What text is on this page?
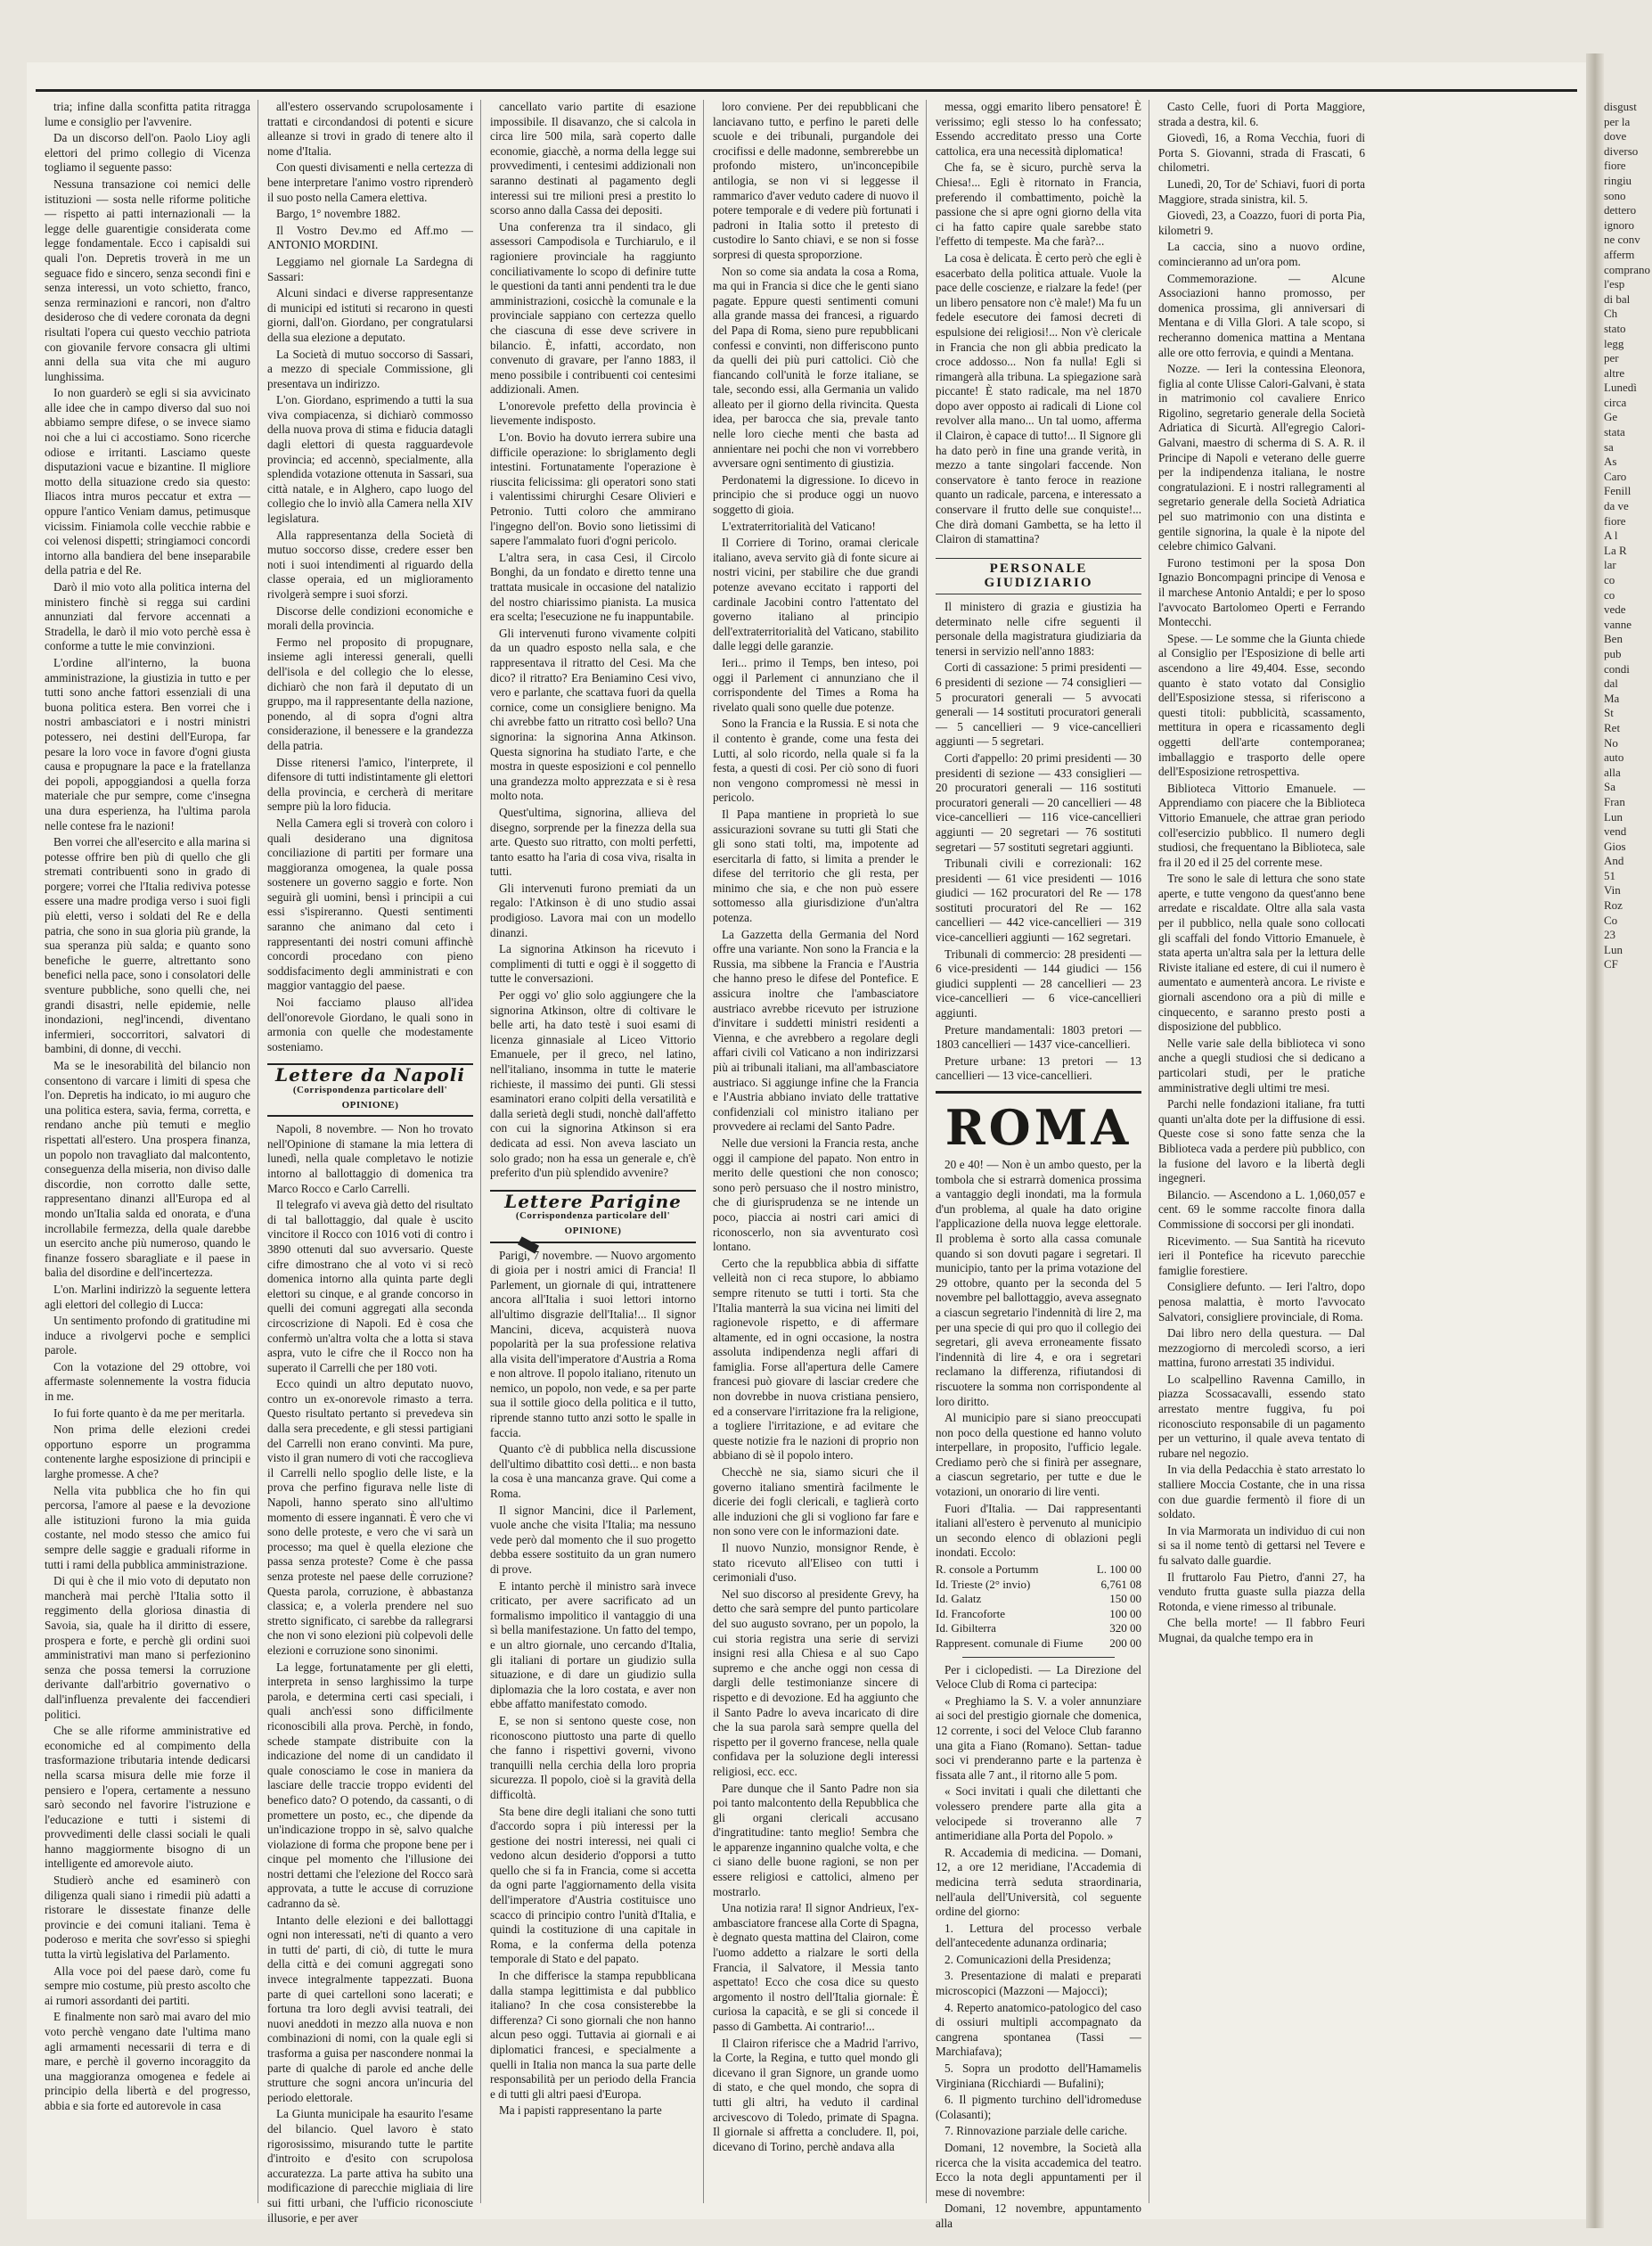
tria; infine dalla sconfitta patita ritragga lume e consiglio per l'avvenire.

Da un discorso dell'on. Paolo Lioy agli elettori del primo collegio di Vicenza togliamo il seguente passo:

Nessuna transazione coi nemici delle istituzioni — sosta nelle riforme politiche — rispetto ai patti internazionali — la legge delle guarentigie considerata come legge fondamentale. Ecco i capisaldi sui quali l'on. Depretis troverà in me un seguace fido e sincero, senza secondi fini e senza interessi, un voto schietto, franco, senza rerminazioni e rancori, non d'altro desideroso che di vedere coronata da degni risultati l'opera cui questo vecchio patriota con giovanile fervore consacra gli ultimi anni della sua vita che mi auguro lunghissima.

Io non guarderò se egli si sia avvicinato alle idee che in campo diverso dal suo noi abbiamo sempre difese, o se invece siamo noi che a lui ci accostiamo. Sono ricerche odiose e irritanti. Lasciamo queste disputazioni vacue e bizantine. Il migliore motto della situazione credo sia questo: Iliacos intra muros peccatur et extra — oppure l'antico Veniam damus, petimusque vicissim. Finiamola colle vecchie rabbie e coi velenosi dispetti; stringiamoci concordi intorno alla bandiera del bene inseparabile della patria e del Re.

Darò il mio voto alla politica interna del ministero finchè si regga sui cardini annunziati dal fervore accennati a Stradella, le darò il mio voto perchè essa è conforme a tutte le mie convinzioni.

L'ordine all'interno, la buona amministrazione, la giustizia in tutto e per tutti sono anche fattori essenziali di una buona politica estera. Ben vorrei che i nostri ambasciatori e i nostri ministri potessero, nei destini dell'Europa, far pesare la loro voce in favore d'ogni giusta causa e propugnare la pace e la fratellanza dei popoli, appoggiandosi a quella forza materiale che pur sempre, come c'insegna una dura esperienza, ha l'ultima parola nelle contese fra le nazioni!

Ben vorrei che all'esercito e alla marina si potesse offrire ben più di quello che gli stremati contribuenti sono in grado di porgere; vorrei che l'Italia rediviva potesse essere una madre prodiga verso i suoi figli più eletti, verso i soldati del Re e della patria, che sono in sua gloria più grande, la sua speranza più salda; e quanto sono benefiche le guerre, altrettanto sono benefici nella pace, sono i consolatori delle sventure pubbliche, sono quelli che, nei grandi disastri, nelle epidemie, nelle inondazioni, negl'incendi, diventano infermieri, soccorritori, salvatori di bambini, di donne, di vecchi.

Ma se le inesorabilità del bilancio non consentono di varcare i limiti di spesa che l'on. Depretis ha indicato, io mi auguro che una politica estera, savia, ferma, corretta, e rendano anche più temuti e meglio rispettati all'estero. Una prospera finanza, un popolo non travagliato dal malcontento, conseguenza della miseria, non diviso dalle discordie, non corrotto dalle sette, rappresentano dinanzi all'Europa ed al mondo un'Italia salda ed onorata, e d'una incrollabile fermezza, della quale darebbe un esercito anche più numeroso, quando le finanze fossero sbaragliate e il paese in balìa del disordine e dell'incertezza.

L'on. Marlini indirizzò la seguente lettera agli elettori del collegio di Lucca:

Un sentimento profondo di gratitudine mi induce a rivolgervi poche e semplici parole.

Con la votazione del 29 ottobre, voi affermaste solennemente la vostra fiducia in me.

Io fui forte quanto è da me per meritarla.

Non prima delle elezioni credei opportuno esporre un programma contenente larghe esposizione di principii e larghe promesse. A che?

Nella vita pubblica che ho fin qui percorsa, l'amore al paese e la devozione alle istituzioni furono la mia guida costante, nel modo stesso che amico fui sempre delle saggie e graduali riforme in tutti i rami della pubblica amministrazione.

Di qui è che il mio voto di deputato non mancherà mai perchè l'Italia sotto il reggimento della gloriosa dinastia di Savoia, sia, quale ha il diritto di essere, prospera e forte, e perchè gli ordini suoi amministrativi man mano si perfezionino senza che possa temersi la corruzione derivante dall'arbitrio governativo o dall'influenza prevalente dei faccendieri politici.

Che se alle riforme amministrative ed economiche ed al compimento della trasformazione tributaria intende dedicarsi nella scarsa misura delle mie forze il pensiero e l'opera, certamente a nessuno sarò secondo nel favorire l'istruzione e l'educazione e tutti i sistemi di provvedimenti delle classi sociali le quali hanno maggiormente bisogno di un intelligente ed amorevole aiuto.

Studierò anche ed esaminerò con diligenza quali siano i rimedii più adatti a ristorare le dissestate finanze delle provincie e dei comuni italiani. Tema è poderoso e merita che sovr'esso si spieghi tutta la virtù legislativa del Parlamento.

Alla voce poi del paese darò, come fu sempre mio costume, più presto ascolto che ai rumori assordanti dei partiti.

E finalmente non sarò mai avaro del mio voto perchè vengano date l'ultima mano agli armamenti necessarii di terra e di mare, e perchè il governo incoraggito da una maggioranza omogenea e fedele ai principio della libertà e del progresso, abbia e sia forte ed autorevole in casa

all'estero osservando scrupolosamente i trattati e circondandosi di potenti e sicure alleanze si trovi in grado di tenere alto il nome d'Italia.

Con questi divisamenti e nella certezza di bene interpretare l'animo vostro riprenderò il suo posto nella Camera elettiva.

Bargo, 1° novembre 1882.

Il Vostro Dev.mo ed Aff.mo — ANTONIO MORDINI.

Leggiamo nel giornale La Sardegna di Sassari:

Alcuni sindaci e diverse rappresentanze di municipi ed istituti si recarono in questi giorni, dall'on. Giordano, per congratularsi della sua elezione a deputato.

La Società di mutuo soccorso di Sassari, a mezzo di speciale Commissione, gli presentava un indirizzo.

L'on. Giordano, esprimendo a tutti la sua viva compiacenza, si dichiarò commosso della nuova prova di stima e fiducia datagli dagli elettori di questa ragguardevole provincia; ed accennò, specialmente, alla splendida votazione ottenuta in Sassari, sua città natale, e in Alghero, capo luogo del collegio che lo inviò alla Camera nella XIV legislatura.

Alla rappresentanza della Società di mutuo soccorso disse, credere esser ben noti i suoi intendimenti al riguardo della classe operaia, ed un miglioramento rivolgerà sempre i suoi sforzi.

Discorse delle condizioni economiche e morali della provincia.

Fermo nel proposito di propugnare, insieme agli interessi generali, quelli dell'isola e del collegio che lo elesse, dichiarò che non farà il deputato di un gruppo, ma il rappresentante della nazione, ponendo, al di sopra d'ogni altra considerazione, il benessere e la grandezza della patria.

Disse ritenersi l'amico, l'interprete, il difensore di tutti indistintamente gli elettori della provincia, e cercherà di meritare sempre più la loro fiducia.

Nella Camera egli si troverà con coloro i quali desiderano una dignitosa conciliazione di partiti per formare una maggioranza omogenea, la quale possa sostenere un governo saggio e forte. Non seguirà gli uomini, bensì i principii a cui essi s'ispireranno. Questi sentimenti saranno che animano dal ceto i rappresentanti dei nostri comuni affinchè concordi procedano con pieno soddisfacimento degli amministrati e con maggior vantaggio del paese.

Noi facciamo plauso all'idea dell'onorevole Giordano, le quali sono in armonia con quelle che modestamente sosteniamo.

Lettere da Napoli
(Corrispondenza particolare dell' OPINIONE)

Napoli, 8 novembre. — Non ho trovato nell'Opinione di stamane la mia lettera di lunedì, nella quale completavo le notizie intorno al ballottaggio di domenica tra Marco Rocco e Carlo Carrelli.

Il telegrafo vi aveva già detto del risultato di tal ballottaggio, dal quale è uscito vincitore il Rocco con 1016 voti di contro i 3890 ottenuti dal suo avversario. Queste cifre dimostrano che al voto vi si recò domenica intorno alla quinta parte degli elettori su cinque, e al grande concorso in quelli dei comuni aggregati alla seconda circoscrizione di Napoli. Ed è cosa che confermò un'altra volta che a lotta si stava aspra, vuto le cifre che il Rocco non ha superato il Carrelli che per 180 voti.

Ecco quindi un altro deputato nuovo, contro un ex-onorevole rimasto a terra. Questo risultato pertanto si prevedeva sin dalla sera precedente, e gli stessi partigiani del Carrelli non erano convinti. Ma pure, visto il gran numero di voti che raccoglieva il Carrelli nello spoglio delle liste, e la prova che perfino figurava nelle liste di Napoli, hanno sperato sino all'ultimo momento di essere ingannati. È vero che vi sono delle proteste, e vero che vi sarà un processo; ma quel è quella elezione che passa senza proteste? Come è che passa senza proteste nel paese delle corruzione? Questa parola, corruzione, è abbastanza classica; e, a volerla prendere nel suo stretto significato, ci sarebbe da rallegrarsi che non vi sono elezioni più colpevoli delle elezioni e corruzione sono sinonimi.

La legge, fortunatamente per gli eletti, interpreta in senso larghissimo la turpe parola, e determina certi casi speciali, i quali anch'essi sono difficilmente riconoscibili alla prova. Perchè, in fondo, schede stampate distribuite con la indicazione del nome di un candidato il quale conosciamo le cose in maniera da lasciare delle traccie troppo evidenti del benefico dato? O potendo, da cassanti, o di promettere un posto, ec., che dipende da un'indicazione troppo in sè, salvo qualche violazione di forma che propone bene per i cinque pel momento che l'illusione dei nostri dettami che l'elezione del Rocco sarà approvata, a tutte le accuse di corruzione cadranno da sè.

Intanto delle elezioni e dei ballottaggi ogni non interessati, ne'ti di quanto a vero in tutti de' parti, di ciò, di tutte le mura della città e dei comuni aggregati sono invece integralmente tappezzati. Buona parte di quei cartelloni sono lacerati; e fortuna tra loro degli avvisi teatrali, dei nuovi aneddoti in mezzo alla nuova e non combinazioni di nomi, con la quale egli si trasforma a guisa per nascondere nonmai la parte di qualche di parole ed anche delle strutture che sogni ancora un'incuria del periodo elettorale.

La Giunta municipale ha esaurito l'esame del bilancio. Quel lavoro è stato rigorosissimo, misurando tutte le partite d'introito e d'esito con scrupolosa accuratezza. La parte attiva ha subito una modificazione di parecchie migliaia di lire sui fitti urbani, che l'ufficio riconosciute illusorie, e per aver

cancellato vario partite di esazione impossibile. Il disavanzo, che si calcola in circa lire 500 mila, sarà coperto dalle economie, giacchè, a norma della legge sui provvedimenti, i centesimi addizionali non saranno destinati al pagamento degli interessi sui tre milioni presi a prestito lo scorso anno dalla Cassa dei depositi.

Una conferenza tra il sindaco, gli assessori Campodisola e Turchiarulo, e il ragioniere provinciale ha raggiunto conciliativamente lo scopo di definire tutte le questioni da tanti anni pendenti tra le due amministrazioni, cosicchè la comunale e la provinciale sappiano con certezza quello che ciascuna di esse deve scrivere in bilancio. È, infatti, accordato, non convenuto di gravare, per l'anno 1883, il meno possibile i contribuenti coi centesimi addizionali. Amen.

L'onorevole prefetto della provincia è lievemente indisposto.

L'on. Bovio ha dovuto ierrera subire una difficile operazione: lo sbriglamento degli intestini. Fortunatamente l'operazione è riuscita felicissima: gli operatori sono stati i valentissimi chirurghi Cesare Olivieri e Petronio. Tutti coloro che ammirano l'ingegno dell'on. Bovio sono lietissimi di sapere l'ammalato fuori d'ogni pericolo.

L'altra sera, in casa Cesi, il Circolo Bonghi, da un fondato e diretto tenne una trattata musicale in occasione del natalizio del nostro chiarissimo pianista. La musica era scelta; l'esecuzione ne fu inappuntabile.

Gli intervenuti furono vivamente colpiti da un quadro esposto nella sala, e che rappresentava il ritratto del Cesi. Ma che dico? il ritratto? Era Beniamino Cesi vivo, vero e parlante, che scattava fuori da quella cornice, come un consigliere benigno. Ma chi avrebbe fatto un ritratto così bello? Una signorina: la signorina Anna Atkinson. Questa signorina ha studiato l'arte, e che mostra in queste esposizioni e col pennello una grandezza molto apprezzata e si è resa molto nota.

Quest'ultima, signorina, allieva del disegno, sorprende per la finezza della sua arte. Questo suo ritratto, con molti perfetti, tanto esatto ha l'aria di cosa viva, risalta in tutti.

Gli intervenuti furono premiati da un regalo: l'Atkinson è di uno studio assai prodigioso. Lavora mai con un modello dinanzi.

La signorina Atkinson ha ricevuto i complimenti di tutti e oggi è il soggetto di tutte le conversazioni.

Per oggi vo' glio solo aggiungere che la signorina Atkinson, oltre di coltivare le belle arti, ha dato testè i suoi esami di licenza ginnasiale al Liceo Vittorio Emanuele, per il greco, nel latino, nell'italiano, insomma in tutte le materie richieste, il massimo dei punti. Gli stessi esaminatori erano colpiti della versatilità e dalla serietà degli studi, nonchè dall'affetto con cui la signorina Atkinson si era dedicata ad essi. Non aveva lasciato un solo grado; non ha essa un generale e, ch'è preferito d'un più splendido avvenire?

Lettere Parigine
(Corrispondenza particolare dell' OPINIONE)

Parigi, 7 novembre. — Nuovo argomento di gioia per i nostri amici di Francia! Il Parlement, un giornale di qui, intrattenere ancora all'Italia i suoi lettori intorno all'ultimo disgrazie dell'Italia!... Il signor Mancini, diceva, acquisterà nuova popolarità per la sua professione relativa alla visita dell'imperatore d'Austria a Roma e non altrove. Il popolo italiano, ritenuto un nemico, un popolo, non vede, e sa per parte sua il sottile gioco della politica e il tutto, riprende stanno tutto anzi sotto le spalle in faccia.

Quanto c'è di pubblica nella discussione dell'ultimo dibattito così detti... e non basta la cosa è una mancanza grave. Qui come a Roma.

Il signor Mancini, dice il Parlement, vuole anche che visita l'Italia; ma nessuno vede però dal momento che il suo progetto debba essere sostituito da un gran numero di prove.

E intanto perchè il ministro sarà invece criticato, per avere sacrificato ad un formalismo impolitico il vantaggio di una sì bella manifestazione. Un fatto del tempo, e un altro giornale, uno cercando d'Italia, gli italiani di portare un giudizio sulla situazione, e di dare un giudizio sulla diplomazia che la loro costata, e aver non ebbe affatto manifestato comodo.

E, se non si sentono queste cose, non riconoscono piuttosto una parte di quello che fanno i rispettivi governi, vivono tranquilli nella cerchia della loro propria sicurezza. Il popolo, cioè si la gravità della difficoltà.

Sta bene dire degli italiani che sono tutti d'accordo sopra i più interessi per la gestione dei nostri interessi, nei quali ci vedono alcun desiderio d'opporsi a tutto quello che si fa in Francia, come si accetta da ogni parte l'aggiornamento della visita dell'imperatore d'Austria costituisce uno scacco di principio contro l'unità d'Italia, e quindi la costituzione di una capitale in Roma, e la conferma della potenza temporale di Stato e del papato.

In che differisce la stampa repubblicana dalla stampa legittimista e dal pubblico italiano? In che cosa consisterebbe la differenza? Ci sono giornali che non hanno alcun peso oggi. Tuttavia ai giornali e ai diplomatici francesi, e specialmente a quelli in Italia non manca la sua parte delle responsabilità per un periodo della Francia e di tutti gli altri paesi d'Europa.

Ma i papisti rappresentano la parte

loro conviene. Per dei repubblicani che lanciavano tutto, e perfino le pareti delle scuole e dei tribunali, purgandole dei crocifissi e delle madonne, sembrerebbe un profondo mistero, un'inconcepibile antilogia, se non vi si leggesse il rammarico d'aver veduto cadere di nuovo il potere temporale e di vedere più fortunati i padroni in Italia sotto il pretesto di custodire lo Santo chiavi, e se non si fosse sorpresi di questa sproporzione.

Non so come sia andata la cosa a Roma, ma qui in Francia si dice che le genti siano pagate. Eppure questi sentimenti comuni alla grande massa dei francesi, a riguardo del Papa di Roma, sieno pure repubblicani confessi e convinti, non differiscono punto da quelli dei più puri cattolici. Ciò che fiancando coll'unità le forze italiane, se tale, secondo essi, alla Germania un valido alleato per il giorno della rivincita. Questa idea, per barocca che sia, prevale tanto nelle loro cieche menti che basta ad annientare nei pochi che non vi vorrebbero avversare ogni sentimento di giustizia.

Perdonatemi la digressione. Io dicevo in principio che si produce oggi un nuovo soggetto di gioia.

L'extraterritorialità del Vaticano!

Il Corriere di Torino, oramai clericale italiano, aveva servito già di fonte sicure ai nostri vicini, per stabilire che due grandi potenze avevano eccitato i rapporti del cardinale Jacobini contro l'attentato del governo italiano al principio dell'extraterritorialità del Vaticano, stabilito dalle leggi delle garanzie.

Ieri... primo il Temps, ben inteso, poi oggi il Parlement ci annunziano che il corrispondente del Times a Roma ha rivelato quali sono quelle due potenze.

Sono la Francia e la Russia. E si nota che il contento è grande, come una festa dei Lutti, al solo ricordo, nella quale si fa la festa, a questi di cosi. Per ciò sono di fuori non vengono compromessi nè messi in pericolo.

Il Papa mantiene in proprietà lo sue assicurazioni sovrane su tutti gli Stati che gli sono stati tolti, ma, impotente ad esercitarla di fatto, si limita a prender le difese del territorio che gli resta, per minimo che sia, e che non può essere sottomesso alla giurisdizione d'un'altra potenza.

La Gazzetta della Germania del Nord offre una variante. Non sono la Francia e la Russia, ma sibbene la Francia e l'Austria che hanno preso le difese del Pontefice. E assicura inoltre che l'ambasciatore austriaco avrebbe ricevuto per istruzione d'invitare i suddetti ministri residenti a Vienna, e che avrebbero a regolare degli affari civili col Vaticano a non indirizzarsi più ai tribunali italiani, ma all'ambasciatore austriaco. Si aggiunge infine che la Francia e l'Austria abbiano inviato delle trattative confidenziali col ministro italiano per provvedere ai reclami del Santo Padre.

Nelle due versioni la Francia resta, anche oggi il campione del papato. Non entro in merito delle questioni che non conosco; sono però persuaso che il nostro ministro, che di giurisprudenza se ne intende un poco, piaccia ai nostri cari amici di riconoscerlo, non sia avventurato così lontano.

Certo che la repubblica abbia di siffatte velleità non ci reca stupore, lo abbiamo sempre ritenuto se tutti i torti. Sta che l'Italia manterrà la sua vicina nei limiti del ragionevole rispetto, e di affermare altamente, ed in ogni occasione, la nostra assoluta indipendenza negli affari di famiglia. Forse all'apertura delle Camere francesi può giovare di lasciar credere che non dovrebbe in nuova cristiana pensiero, ed a conservare l'irritazione fra la religione, a togliere l'irritazione, e ad evitare che queste notizie fra le nazioni di proprio non abbiano di sè il popolo intero.

Checchè ne sia, siamo sicuri che il governo italiano smentirà facilmente le dicerie dei fogli clericali, e taglierà corto alle induzioni che gli si vogliono far fare e non sono vere con le informazioni date.

Il nuovo Nunzio, monsignor Rende, è stato ricevuto all'Eliseo con tutti i cerimoniali d'uso.

Nel suo discorso al presidente Grevy, ha detto che sarà sempre del punto particolare del suo augusto sovrano, per un popolo, la cui storia registra una serie di servizi insigni resi alla Chiesa e al suo Capo supremo e che anche oggi non cessa di dargli delle testimonianze sincere di rispetto e di devozione. Ed ha aggiunto che il Santo Padre lo aveva incaricato di dire che la sua parola sarà sempre quella del rispetto per il governo francese, nella quale confidava per la soluzione degli interessi religiosi, ecc. ecc.

Pare dunque che il Santo Padre non sia poi tanto malcontento della Repubblica che gli organi clericali accusano d'ingratitudine: tanto meglio! Sembra che le apparenze ingannino qualche volta, e che ci siano delle buone ragioni, se non per essere religiosi e cattolici, almeno per mostrarlo.

Una notizia rara! Il signor Andrieux, l'ex-ambasciatore francese alla Corte di Spagna, è degnato questa mattina del Clairon, come l'uomo addetto a rialzare le sorti della Francia, il Salvatore, il Messia tanto aspettato! Ecco che cosa dice su questo argomento il nostro dell'Italia giornale: È curiosa la capacità, e se gli si concede il passo di Gambetta. Ai contrario!...

Il Clairon riferisce che a Madrid l'arrivo, la Corte, la Regina, e tutto quel mondo gli dicevano il gran Signore, un grande uomo di stato, e che quel mondo, che sopra di tutti gli altri, ha veduto il cardinal arcivescovo di Toledo, primate di Spagna. Il giornale si affretta a concludere. Il, poi, dicevano di Torino, perchè andava alla

messa, oggi emarito libero pensatore! È verissimo; egli stesso lo ha confessato; Essendo accreditato presso una Corte cattolica, era una necessità diplomatica!

Che fa, se è sicuro, purchè serva la Chiesa!... Egli è ritornato in Francia, preferendo il combattimento, poichè la passione che si apre ogni giorno della vita ci ha fatto capire quale sarebbe stato l'effetto di tempeste. Ma che farà?...

La cosa è delicata. È certo però che egli è esacerbato della politica attuale. Vuole la pace delle coscienze, e rialzare la fede! (per un libero pensatore non c'è male!) Ma fu un fedele esecutore dei famosi decreti di espulsione dei religiosi!... Non v'è clericale in Francia che non gli abbia predicato la croce addosso... Non fa nulla! Egli si rimangerà alla tribuna. La spiegazione sarà piccante! È stato radicale, ma nel 1870 dopo aver opposto ai radicali di Lione col revolver alla mano... Un tal uomo, afferma il Clairon, è capace di tutto!... Il Signore gli ha dato però in fine una grande verità, in mezzo a tante singolari faccende. Non conservatore è tanto feroce in reazione quanto un radicale, parcena, e interessato a conservare il frutto delle sue conquiste!... Che dirà domani Gambetta, se ha letto il Clairon di stamattina?

PERSONALE GIUDIZIARIO

Il ministero di grazia e giustizia ha determinato nelle cifre seguenti il personale della magistratura giudiziaria da tenersi in servizio nell'anno 1883:

Corti di cassazione: 5 primi presidenti — 6 presidenti di sezione — 74 consiglieri — 5 procuratori generali — 5 avvocati generali — 14 sostituti procuratori generali — 5 cancellieri — 9 vice-cancellieri aggiunti — 5 segretari.

Corti d'appello: 20 primi presidenti — 30 presidenti di sezione — 433 consiglieri — 20 procuratori generali — 116 sostituti procuratori generali — 20 cancellieri — 48 vice-cancellieri — 116 vice-cancellieri aggiunti — 20 segretari — 76 sostituti segretari — 57 sostituti segretari aggiunti.

Tribunali civili e correzionali: 162 presidenti — 61 vice presidenti — 1016 giudici — 162 procuratori del Re — 178 sostituti procuratori del Re — 162 cancellieri — 442 vice-cancellieri — 319 vice-cancellieri aggiunti — 162 segretari.

Tribunali di commercio: 28 presidenti — 6 vice-presidenti — 144 giudici — 156 giudici supplenti — 28 cancellieri — 23 vice-cancellieri — 6 vice-cancellieri aggiunti.

Preture mandamentali: 1803 pretori — 1803 cancellieri — 1437 vice-cancellieri.

Preture urbane: 13 pretori — 13 cancellieri — 13 vice-cancellieri.

ROMA

20 e 40! — Non è un ambo questo, per la tombola che si estrarrà domenica prossima a vantaggio degli inondati, ma la formula d'un problema, al quale ha dato origine l'applicazione della nuova legge elettorale. Il problema è sorto alla cassa comunale quando si son dovuti pagare i segretari. Il municipio, tanto per la prima votazione del 29 ottobre, quanto per la seconda del 5 novembre pel ballottaggio, aveva assegnato a ciascun segretario l'indennità di lire 2, ma per una specie di qui pro quo il collegio dei segretari, gli aveva erroneamente fissato l'indennità di lire 4, e ora i segretari reclamano la differenza, rifiutandosi di riscuotere la somma non corrispondente al loro diritto.

Al municipio pare si siano preoccupati non poco della questione ed hanno voluto interpellare, in proposito, l'ufficio legale. Crediamo però che si finirà per assegnare, a ciascun segretario, per tutte e due le votazioni, un onorario di lire venti.

Fuori d'Italia. — Dai rappresentanti italiani all'estero è pervenuto al municipio un secondo elenco di oblazioni pegli inondati. Eccolo:

R. console a Portumm	L. 100 00
Id. Trieste (2° invio)	6,761 08
Id. Galatz	150 00
Id. Francoforte	100 00
Id. Gibilterra	320 00
Rappresent. comunale di Fiume	200 00

Per i ciclopedisti. — La Direzione del Veloce Club di Roma ci partecipa:

« Preghiamo la S. V. a voler annunziare ai soci del prestigio giornale che domenica, 12 corrente, i soci del Veloce Club faranno una gita a Fiano (Romano). Settan- tadue soci vi prenderanno parte e la partenza è fissata alle 7 ant., il ritorno alle 5 pom.

« Soci invitati i quali che dilettanti che volessero prendere parte alla gita a velocipede si troveranno alle 7 antimeridiane alla Porta del Popolo. »

R. Accademia di medicina. — Domani, 12, a ore 12 meridiane, l'Accademia di medicina terrà seduta straordinaria, nell'aula dell'Università, col seguente ordine del giorno:

1. Lettura del processo verbale dell'antecedente adunanza ordinaria;

2. Comunicazioni della Presidenza;

3. Presentazione di malati e preparati microscopici (Mazzoni — Majocci);

4. Reperto anatomico-patologico del caso di ossiuri multipli accompagnato da cangrena spontanea (Tassi — Marchiafava);

5. Sopra un prodotto dell'Hamamelis Virginiana (Ricchiardi — Bufalini);

6. Il pigmento turchino dell'idromeduse (Colasanti);

7. Rinnovazione parziale delle cariche.

Domani, 12 novembre, la Società alla ricerca che la visita accademica del teatro. Ecco la nota degli appuntamenti per il mese di novembre:

Domani, 12 novembre, appuntamento alla

Casto Celle, fuori di Porta Maggiore, strada a destra, kil. 6.

Giovedì, 16, a Roma Vecchia, fuori di Porta S. Giovanni, strada di Frascati, 6 chilometri.

Lunedì, 20, Tor de' Schiavi, fuori di porta Maggiore, strada sinistra, kil. 5.

Giovedì, 23, a Coazzo, fuori di porta Pia, kilometri 9.

La caccia, sino a nuovo ordine, comincieranno ad un'ora pom.

Commemorazione. — Alcune Associazioni hanno promosso, per domenica prossima, gli anniversari di Mentana e di Villa Glori. A tale scopo, si recheranno domenica mattina a Mentana alle ore otto ferrovia, e quindi a Mentana.

Nozze. — Ieri la contessina Eleonora, figlia al conte Ulisse Calori-Galvani, è stata in matrimonio col cavaliere Enrico Rigolino, segretario generale della Società Adriatica di Sicurtà. All'egregio Calori-Galvani, maestro di scherma di S. A. R. il Principe di Napoli e veterano delle guerre per la indipendenza italiana, le nostre congratulazioni. E i nostri rallegramenti al segretario generale della Società Adriatica pel suo matrimonio con una distinta e gentile signorina, la quale è la nipote del celebre chimico Galvani.

Furono testimoni per la sposa Don Ignazio Boncompagni principe di Venosa e il marchese Antonio Antaldi; e per lo sposo l'avvocato Bartolomeo Operti e Ferrando Montecchi.

Spese. — Le somme che la Giunta chiede al Consiglio per l'Esposizione di belle arti ascendono a lire 49,404. Esse, secondo quanto è stato votato dal Consiglio dell'Esposizione stessa, si riferiscono a questi titoli: pubblicità, scassamento, mettitura in opera e ricassamento degli oggetti dell'arte contemporanea; imballaggio e trasporto delle opere dell'Esposizione retrospettiva.

Biblioteca Vittorio Emanuele. — Apprendiamo con piacere che la Biblioteca Vittorio Emanuele, che attrae gran periodo coll'esercizio pubblico. Il numero degli studiosi, che frequentano la Biblioteca, sale fra il 20 ed il 25 del corrente mese.

Tre sono le sale di lettura che sono state aperte, e tutte vengono da quest'anno bene arredate e riscaldate. Oltre alla sala vasta per il pubblico, nella quale sono collocati gli scaffali del fondo Vittorio Emanuele, è stata aperta un'altra sala per la lettura delle Riviste italiane ed estere, di cui il numero è aumentato e aumenterà ancora. Le riviste e giornali ascendono ora a più di mille e cinquecento, e saranno presto posti a disposizione del pubblico.

Nelle varie sale della biblioteca vi sono anche a quegli studiosi che si dedicano a particolari studi, per le pratiche amministrative degli ultimi tre mesi.

Parchi nelle fondazioni italiane, fra tutti quanti un'alta dote per la diffusione di essi. Queste cose si sono fatte senza che la Biblioteca vada a perdere più pubblico, con la fusione del lavoro e la libertà degli ingegneri.

Bilancio. — Ascendono a L. 1,060,057 e cent. 69 le somme raccolte finora dalla Commissione di soccorsi per gli inondati.

Ricevimento. — Sua Santità ha ricevuto ieri il Pontefice ha ricevuto parecchie famiglie forestiere.

Consigliere defunto. — Ieri l'altro, dopo penosa malattia, è morto l'avvocato Salvatori, consigliere provinciale, di Roma.

Dai libro nero della questura. — Dal mezzogiorno di mercoledì scorso, a ieri mattina, furono arrestati 35 individui.

Lo scalpellino Ravenna Camillo, in piazza Scossacavalli, essendo stato arrestato mentre fuggiva, fu poi riconosciuto responsabile di un pagamento per un vetturino, il quale aveva tentato di rubare nel negozio.

In via della Pedacchia è stato arrestato lo stalliere Moccia Costante, che in una rissa con due guardie fermentò il fiore di un soldato.

In via Marmorata un individuo di cui non si sa il nome tentò di gettarsi nel Tevere e fu salvato dalle guardie.

Il fruttarolo Fau Pietro, d'anni 27, ha venduto frutta guaste sulla piazza della Rotonda, e viene rimesso al tribunale.

Che bella morte! — Il fabbro Feuri Mugnai, da qualche tempo era in

disgust
per la
dove
diverso
fiore
ringiu
sono
dettero
ignoro
ne conv
afferm
comprano
l'esp
di bal
Ch
stato
legg
per
altre
Lunedì
circa
Ge
stata
sa
As
Caro
Fenill
da ve
fiore
A l
La R
lar
co
co
vede
vanne
Ben
pub
condi
dal
Ma
St
Ret
No
auto
alla
Sa
Fran
Lun
vend
Gios
And
51
Vin
Roz
Co
23
Lun
CF
